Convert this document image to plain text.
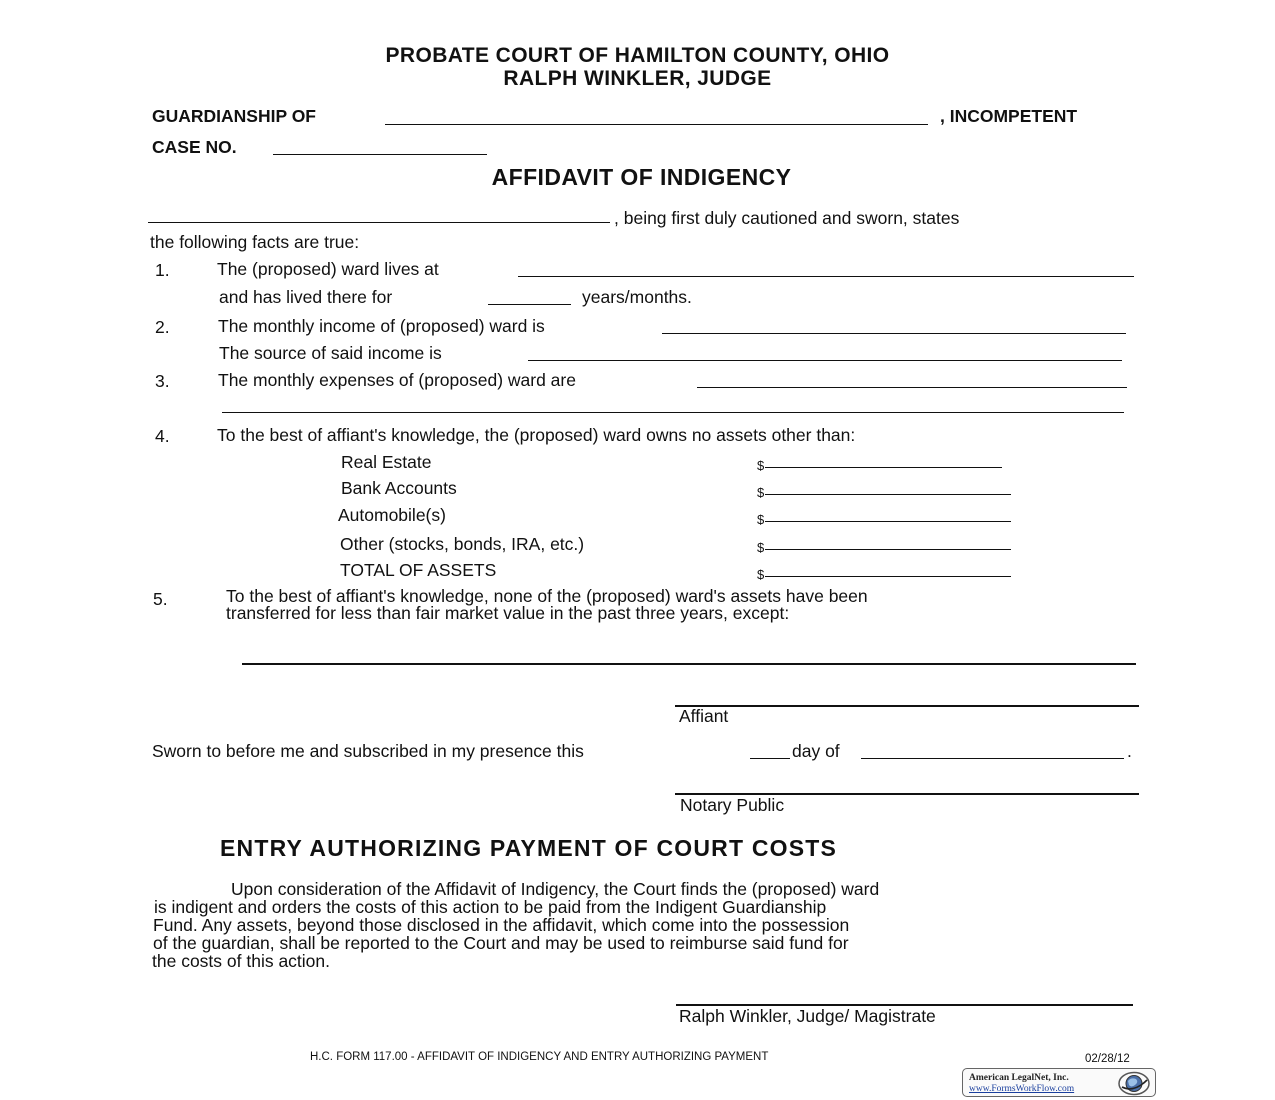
PROBATE COURT OF HAMILTON COUNTY, OHIO
RALPH WINKLER, JUDGE
GUARDIANSHIP OF	, INCOMPETENT
CASE NO.
AFFIDAVIT OF INDIGENCY
, being first duly cautioned and sworn, states
the following facts are true:
1.	The (proposed) ward lives at
and has lived there for	years/months.
2.	The monthly income of (proposed) ward is
The source of said income is
3.	The monthly expenses of (proposed) ward are
4.	To the best of affiant's knowledge, the (proposed) ward owns no assets other than:
Real Estate	$
Bank Accounts	$
Automobile(s)	$
Other (stocks, bonds, IRA, etc.)	$
TOTAL OF ASSETS	$
5.	To the best of affiant's knowledge, none of the (proposed) ward's assets have been
transferred for less than fair market value in the past three years, except:
Affiant
Sworn to before me and subscribed in my presence this	day of	.
Notary Public
ENTRY AUTHORIZING PAYMENT OF COURT COSTS
Upon consideration of the Affidavit of Indigency, the Court finds the (proposed) ward
is indigent and orders the costs of this action to be paid from the Indigent Guardianship
Fund. Any assets, beyond those disclosed in the affidavit, which come into the possession
of the guardian, shall be reported to the Court and may be used to reimburse said fund for
the costs of this action.
Ralph Winkler, Judge/ Magistrate
H.C. FORM 117.00 - AFFIDAVIT OF INDIGENCY AND ENTRY AUTHORIZING PAYMENT	02/28/12
American LegalNet, Inc.
www.FormsWorkFlow.com
